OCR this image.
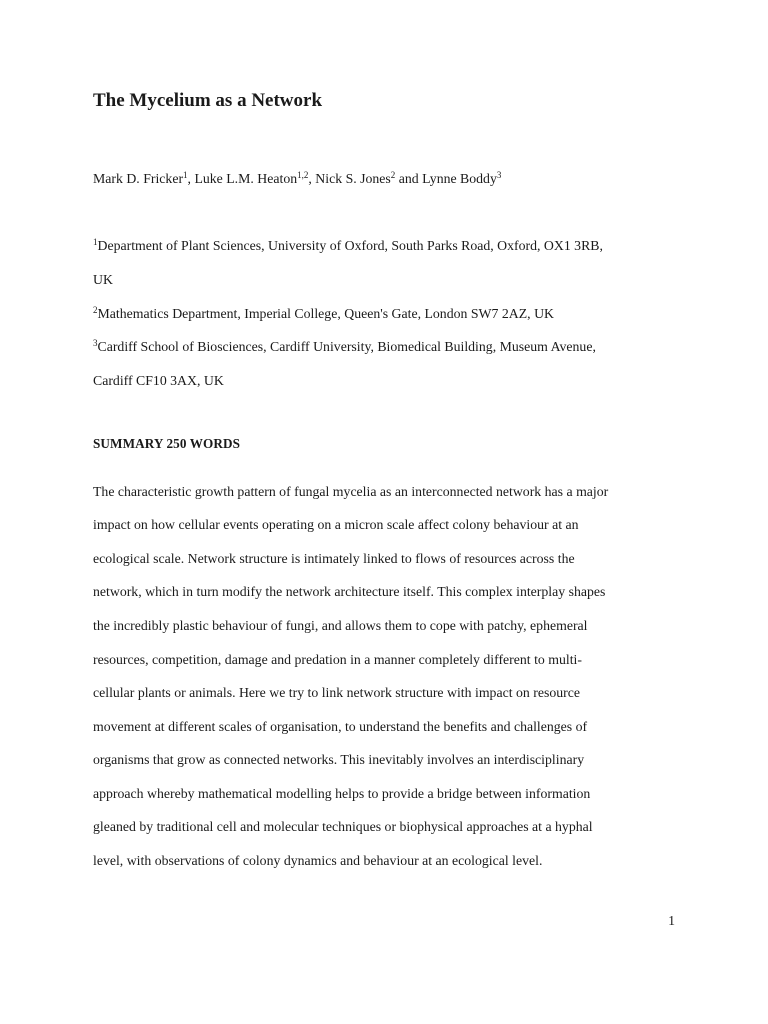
The Mycelium as a Network
Mark D. Fricker$^1$, Luke L.M. Heaton$^{1,2}$, Nick S. Jones$^2$ and Lynne Boddy$^3$
$^1$Department of Plant Sciences, University of Oxford, South Parks Road, Oxford, OX1 3RB,
UK
$^2$Mathematics Department, Imperial College, Queen's Gate, London SW7 2AZ, UK
$^3$Cardiff School of Biosciences, Cardiff University, Biomedical Building, Museum Avenue,
Cardiff CF10 3AX, UK
SUMMARY 250 WORDS
The characteristic growth pattern of fungal mycelia as an interconnected network has a major
impact on how cellular events operating on a micron scale affect colony behaviour at an
ecological scale. Network structure is intimately linked to flows of resources across the
network, which in turn modify the network architecture itself. This complex interplay shapes
the incredibly plastic behaviour of fungi, and allows them to cope with patchy, ephemeral
resources, competition, damage and predation in a manner completely different to multi-
cellular plants or animals. Here we try to link network structure with impact on resource
movement at different scales of organisation, to understand the benefits and challenges of
organisms that grow as connected networks. This inevitably involves an interdisciplinary
approach whereby mathematical modelling helps to provide a bridge between information
gleaned by traditional cell and molecular techniques or biophysical approaches at a hyphal
level, with observations of colony dynamics and behaviour at an ecological level.
1
